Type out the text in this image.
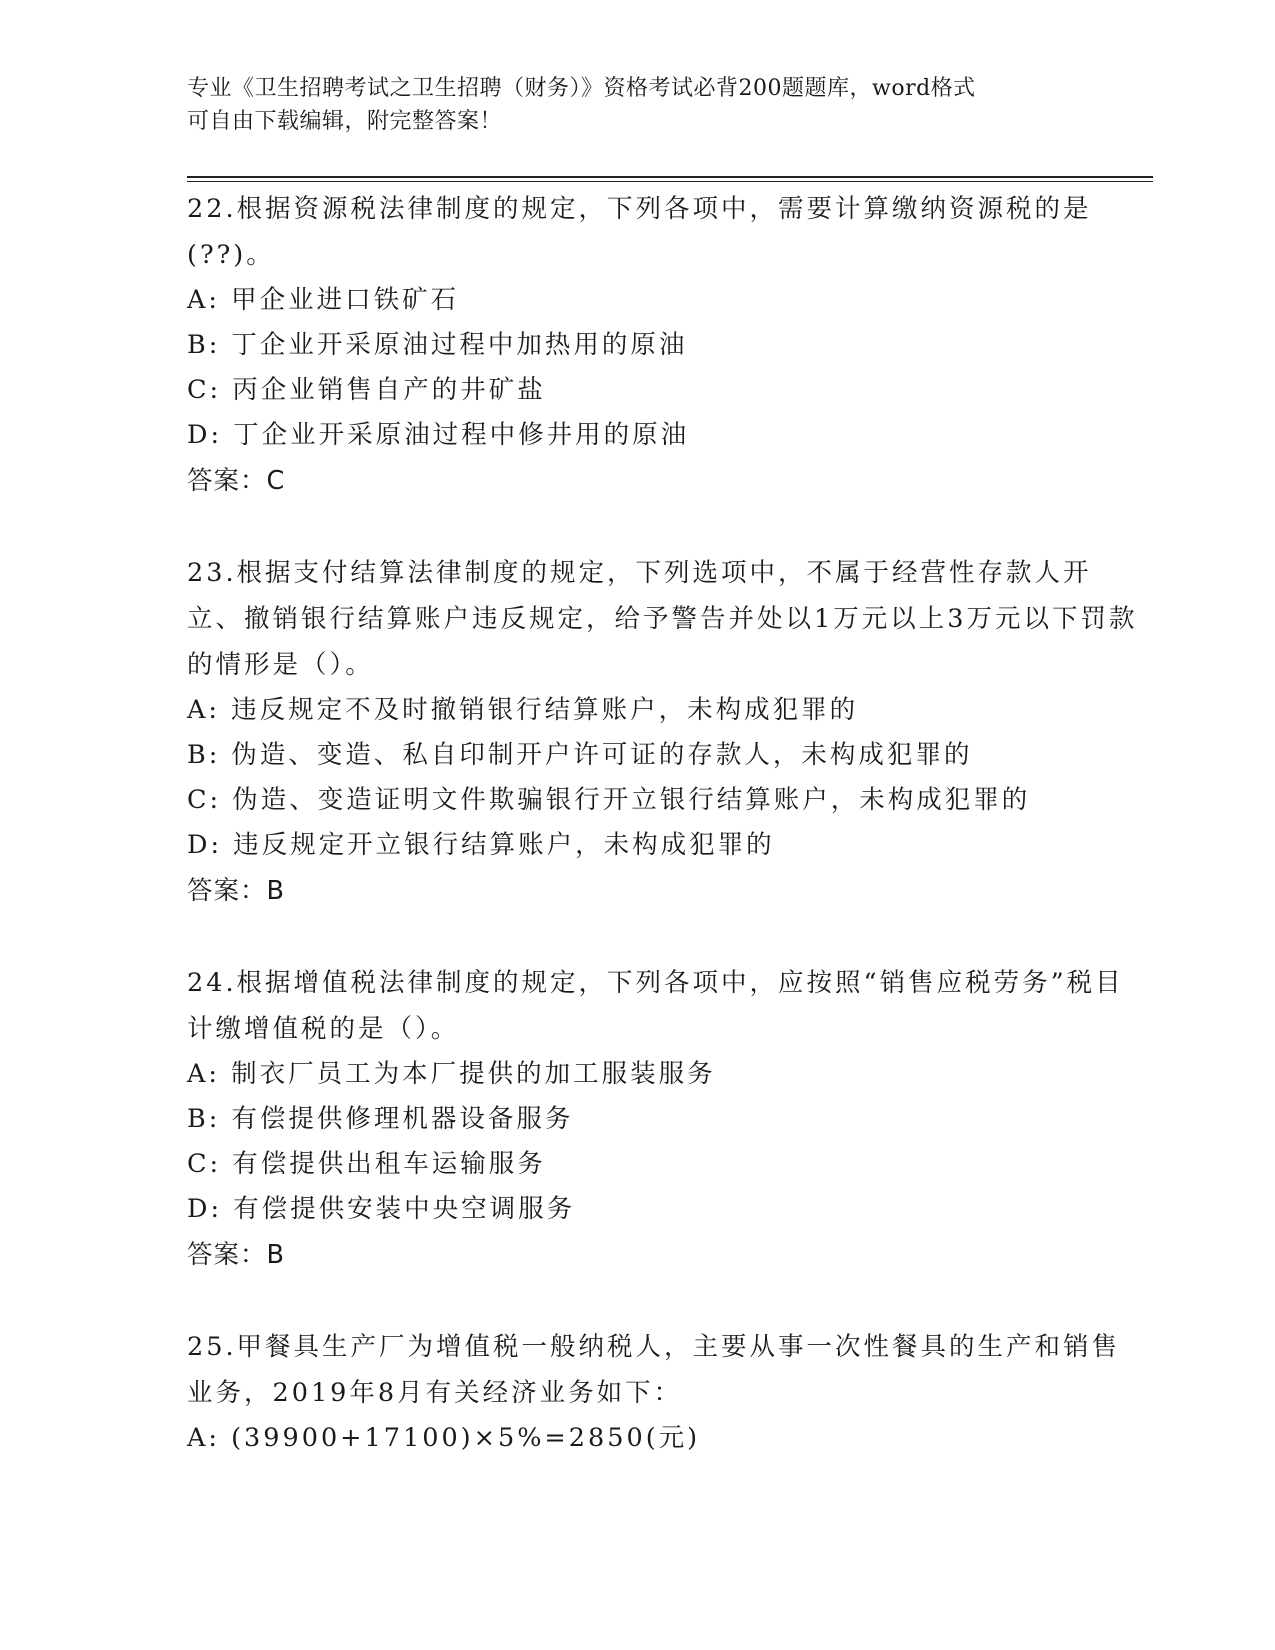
专业《卫生招聘考试之卫生招聘（财务）》资格考试必背200题题库，word格式
可自由下载编辑，附完整答案！

22.根据资源税法律制度的规定，下列各项中，需要计算缴纳资源税的是(??)。

A: 甲企业进口铁矿石

B: 丁企业开采原油过程中加热用的原油

C: 丙企业销售自产的井矿盐

D: 丁企业开采原油过程中修井用的原油

答案：C

23.根据支付结算法律制度的规定，下列选项中，不属于经营性存款人开立、撤销银行结算账户违反规定，给予警告并处以1万元以上3万元以下罚款的情形是（）。

A: 违反规定不及时撤销银行结算账户，未构成犯罪的

B: 伪造、变造、私自印制开户许可证的存款人，未构成犯罪的

C: 伪造、变造证明文件欺骗银行开立银行结算账户，未构成犯罪的

D: 违反规定开立银行结算账户，未构成犯罪的

答案：B

24.根据增值税法律制度的规定，下列各项中，应按照“销售应税劳务”税目计缴增值税的是（）。

A: 制衣厂员工为本厂提供的加工服装服务

B: 有偿提供修理机器设备服务

C: 有偿提供出租车运输服务

D: 有偿提供安装中央空调服务

答案：B

25.甲餐具生产厂为增值税一般纳税人，主要从事一次性餐具的生产和销售业务，2019年8月有关经济业务如下：

A: (39900+17100)×5%=2850(元)
